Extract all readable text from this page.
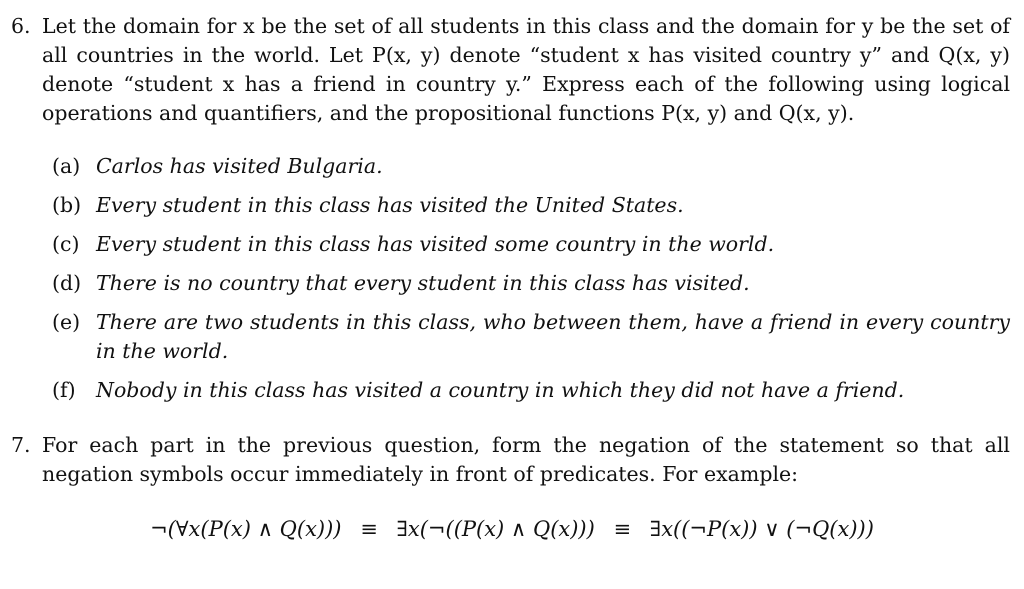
6. Let the domain for x be the set of all students in this class and the domain for y be the set of all countries in the world. Let P(x, y) denote “student x has visited country y” and Q(x, y) denote “student x has a friend in country y.” Express each of the following using logical operations and quantifiers, and the propositional functions P(x, y) and Q(x, y).
(a) Carlos has visited Bulgaria.
(b) Every student in this class has visited the United States.
(c) Every student in this class has visited some country in the world.
(d) There is no country that every student in this class has visited.
(e) There are two students in this class, who between them, have a friend in every country in the world.
(f) Nobody in this class has visited a country in which they did not have a friend.
7. For each part in the previous question, form the negation of the statement so that all negation symbols occur immediately in front of predicates. For example:
¬(∀x(P(x) ∧ Q(x))) ≡ ∃x(¬((P(x) ∧ Q(x))) ≡ ∃x((¬P(x)) ∨ (¬Q(x)))
